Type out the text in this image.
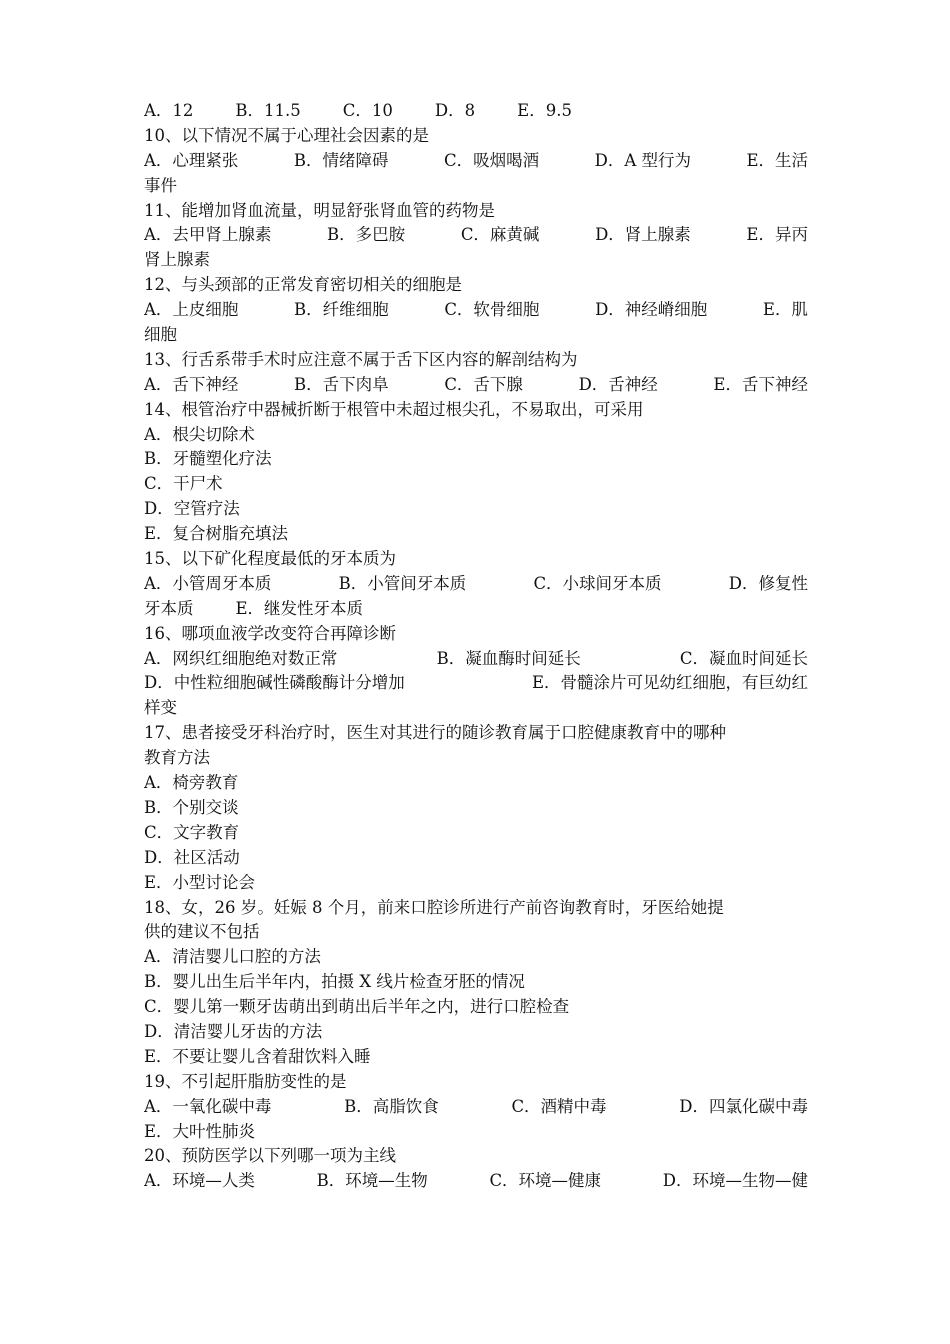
A．12	B．11.5	C．10	D．8	E．9.5
10、以下情况不属于心理社会因素的是
A．心理紧张	B．情绪障碍	C．吸烟喝酒	D．A 型行为	E．生活
事件
11、能增加肾血流量，明显舒张肾血管的药物是
A．去甲肾上腺素	B．多巴胺	C．麻黄碱	D．肾上腺素	E．异丙
肾上腺素
12、与头颈部的正常发育密切相关的细胞是
A．上皮细胞	B．纤维细胞	C．软骨细胞	D．神经嵴细胞	E．肌
细胞
13、行舌系带手术时应注意不属于舌下区内容的解剖结构为
A．舌下神经	B．舌下肉阜	C．舌下腺	D．舌神经	E．舌下神经
14、根管治疗中器械折断于根管中未超过根尖孔，不易取出，可采用
A．根尖切除术
B．牙髓塑化疗法
C．干尸术
D．空管疗法
E．复合树脂充填法
15、以下矿化程度最低的牙本质为
A．小管周牙本质	B．小管间牙本质	C．小球间牙本质	D．修复性
牙本质	E．继发性牙本质
16、哪项血液学改变符合再障诊断
A．网织红细胞绝对数正常	B．凝血酶时间延长	C．凝血时间延长
D．中性粒细胞碱性磷酸酶计分增加	E．骨髓涂片可见幼红细胞，有巨幼红
样变
17、患者接受牙科治疗时，医生对其进行的随诊教育属于口腔健康教育中的哪种
教育方法
A．椅旁教育
B．个别交谈
C．文字教育
D．社区活动
E．小型讨论会
18、女，26 岁。妊娠 8 个月，前来口腔诊所进行产前咨询教育时，牙医给她提
供的建议不包括
A．清洁婴儿口腔的方法
B．婴儿出生后半年内，拍摄 X 线片检查牙胚的情况
C．婴儿第一颗牙齿萌出到萌出后半年之内，进行口腔检查
D．清洁婴儿牙齿的方法
E．不要让婴儿含着甜饮料入睡
19、不引起肝脂肪变性的是
A．一氧化碳中毒	B．高脂饮食	C．酒精中毒	D．四氯化碳中毒
E．大叶性肺炎
20、预防医学以下列哪一项为主线
A．环境—人类	B．环境—生物	C．环境—健康	D．环境—生物—健
